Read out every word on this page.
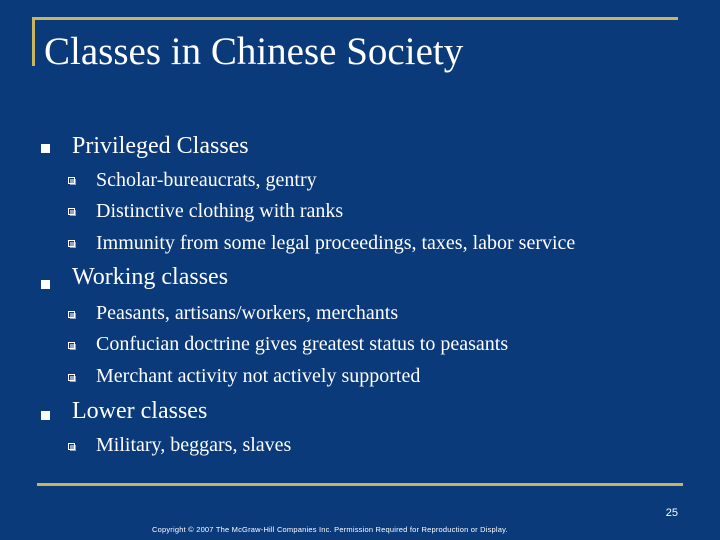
Classes in Chinese Society
Privileged Classes
Scholar-bureaucrats, gentry
Distinctive clothing with ranks
Immunity from some legal proceedings, taxes, labor service
Working classes
Peasants, artisans/workers, merchants
Confucian doctrine gives greatest status to peasants
Merchant activity not actively supported
Lower classes
Military, beggars, slaves
25
Copyright © 2007 The McGraw-Hill Companies Inc. Permission Required for Reproduction or Display.
